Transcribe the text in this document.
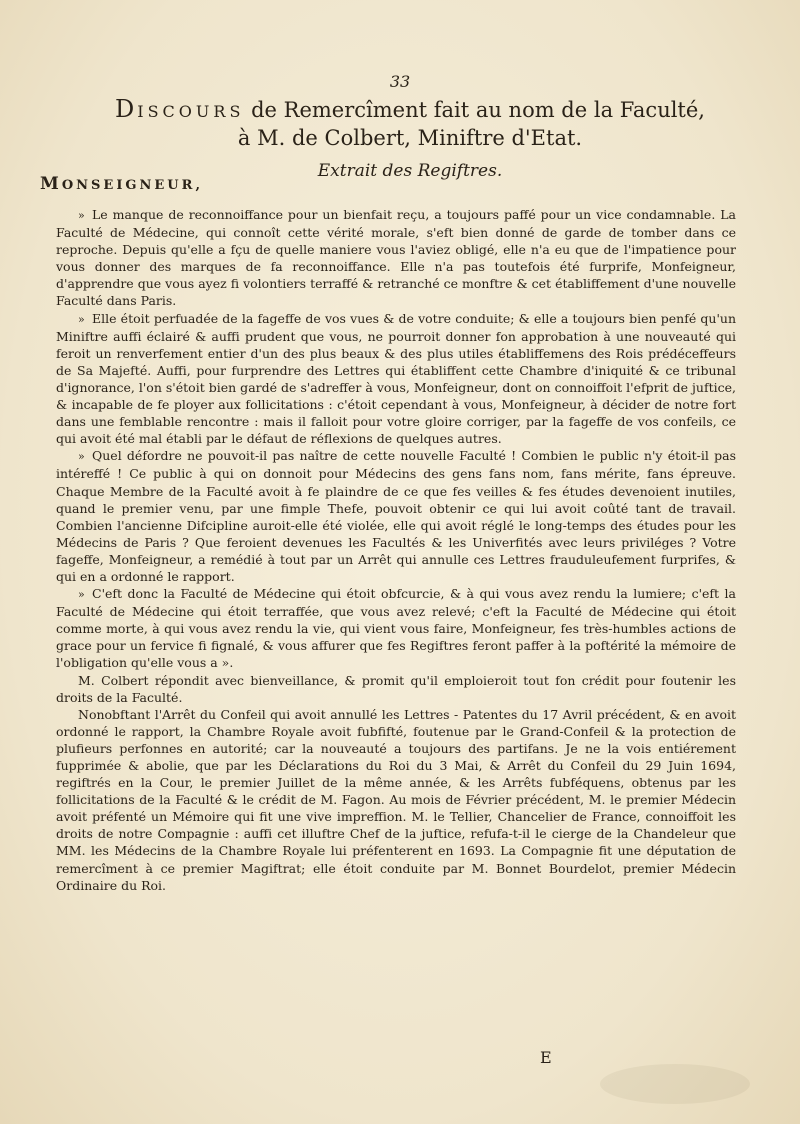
33
DISCOURS de Remercîment fait au nom de la Faculté,
à M. de Colbert, Miniftre d'Etat.
Extrait des Regiftres.
MONSEIGNEUR,

» Le manque de reconnoiffance pour un bienfait reçu, a toujours paffé pour un vice condamnable. La Faculté de Médecine, qui connoît cette vérité morale, s'eft bien donné de garde de tomber dans ce reproche. Depuis qu'elle a fçu de quelle maniere vous l'aviez obligé, elle n'a eu que de l'impatience pour vous donner des marques de fa reconnoiffance. Elle n'a pas toutefois été furprife, Monfeigneur, d'apprendre que vous ayez fi volontiers terraffé & retranché ce monftre & cet établiffement d'une nouvelle Faculté dans Paris.

» Elle étoit perfuadée de la fageffe de vos vues & de votre conduite; & elle a toujours bien penfé qu'un Miniftre auffi éclairé & auffi prudent que vous, ne pourroit donner fon approbation à une nouveauté qui feroit un renverfement entier d'un des plus beaux & des plus utiles établiffemens des Rois prédéceffeurs de Sa Majefté. Auffi, pour furprendre des Lettres qui établiffent cette Chambre d'iniquité & ce tribunal d'ignorance, l'on s'étoit bien gardé de s'adreffer à vous, Monfeigneur, dont on connoiffoit l'efprit de juftice, & incapable de fe ployer aux follicitations : c'étoit cependant à vous, Monfeigneur, à décider de notre fort dans une femblable rencontre : mais il falloit pour votre gloire corriger, par la fageffe de vos confeils, ce qui avoit été mal établi par le défaut de réflexions de quelques autres.

» Quel défordre ne pouvoit-il pas naître de cette nouvelle Faculté ! Combien le public n'y étoit-il pas intéreffé ! Ce public à qui on donnoit pour Médecins des gens fans nom, fans mérite, fans épreuve. Chaque Membre de la Faculté avoit à fe plaindre de ce que fes veilles & fes études devenoient inutiles, quand le premier venu, par une fimple Thefe, pouvoit obtenir ce qui lui avoit coûté tant de travail. Combien l'ancienne Difcipline auroit-elle été violée, elle qui avoit réglé le long-temps des études pour les Médecins de Paris ? Que feroient devenues les Facultés & les Univerfités avec leurs priviléges ? Votre fageffe, Monfeigneur, a remédié à tout par un Arrêt qui annulle ces Lettres frauduleufement furprifes, & qui en a ordonné le rapport.

» C'eft donc la Faculté de Médecine qui étoit obfcurcie, & à qui vous avez rendu la lumiere; c'eft la Faculté de Médecine qui étoit terraffée, que vous avez relevé; c'eft la Faculté de Médecine qui étoit comme morte, à qui vous avez rendu la vie, qui vient vous faire, Monfeigneur, fes très-humbles actions de grace pour un fervice fi fignalé, & vous affurer que fes Regiftres feront paffer à la poftérité la mémoire de l'obligation qu'elle vous a ».

M. Colbert répondit avec bienveillance, & promit qu'il emploieroit tout fon crédit pour foutenir les droits de la Faculté.

Nonobftant l'Arrêt du Confeil qui avoit annullé les Lettres - Patentes du 17 Avril précédent, & en avoit ordonné le rapport, la Chambre Royale avoit fubfifté, foutenue par le Grand-Confeil & la protection de plufieurs perfonnes en autorité; car la nouveauté a toujours des partifans. Je ne la vois entiérement fupprimée & abolie, que par les Déclarations du Roi du 3 Mai, & Arrêt du Confeil du 29 Juin 1694, regiftrés en la Cour, le premier Juillet de la même année, & les Arrêts fubféquens, obtenus par les follicitations de la Faculté & le crédit de M. Fagon. Au mois de Février précédent, M. le premier Médecin avoit préfenté un Mémoire qui fit une vive impreffion. M. le Tellier, Chancelier de France, connoiffoit les droits de notre Compagnie : auffi cet illuftre Chef de la juftice, refufa-t-il le cierge de la Chandeleur que MM. les Médecins de la Chambre Royale lui préfenterent en 1693. La Compagnie fit une députation de remercîment à ce premier Magiftrat; elle étoit conduite par M. Bonnet Bourdelot, premier Médecin Ordinaire du Roi.

E
